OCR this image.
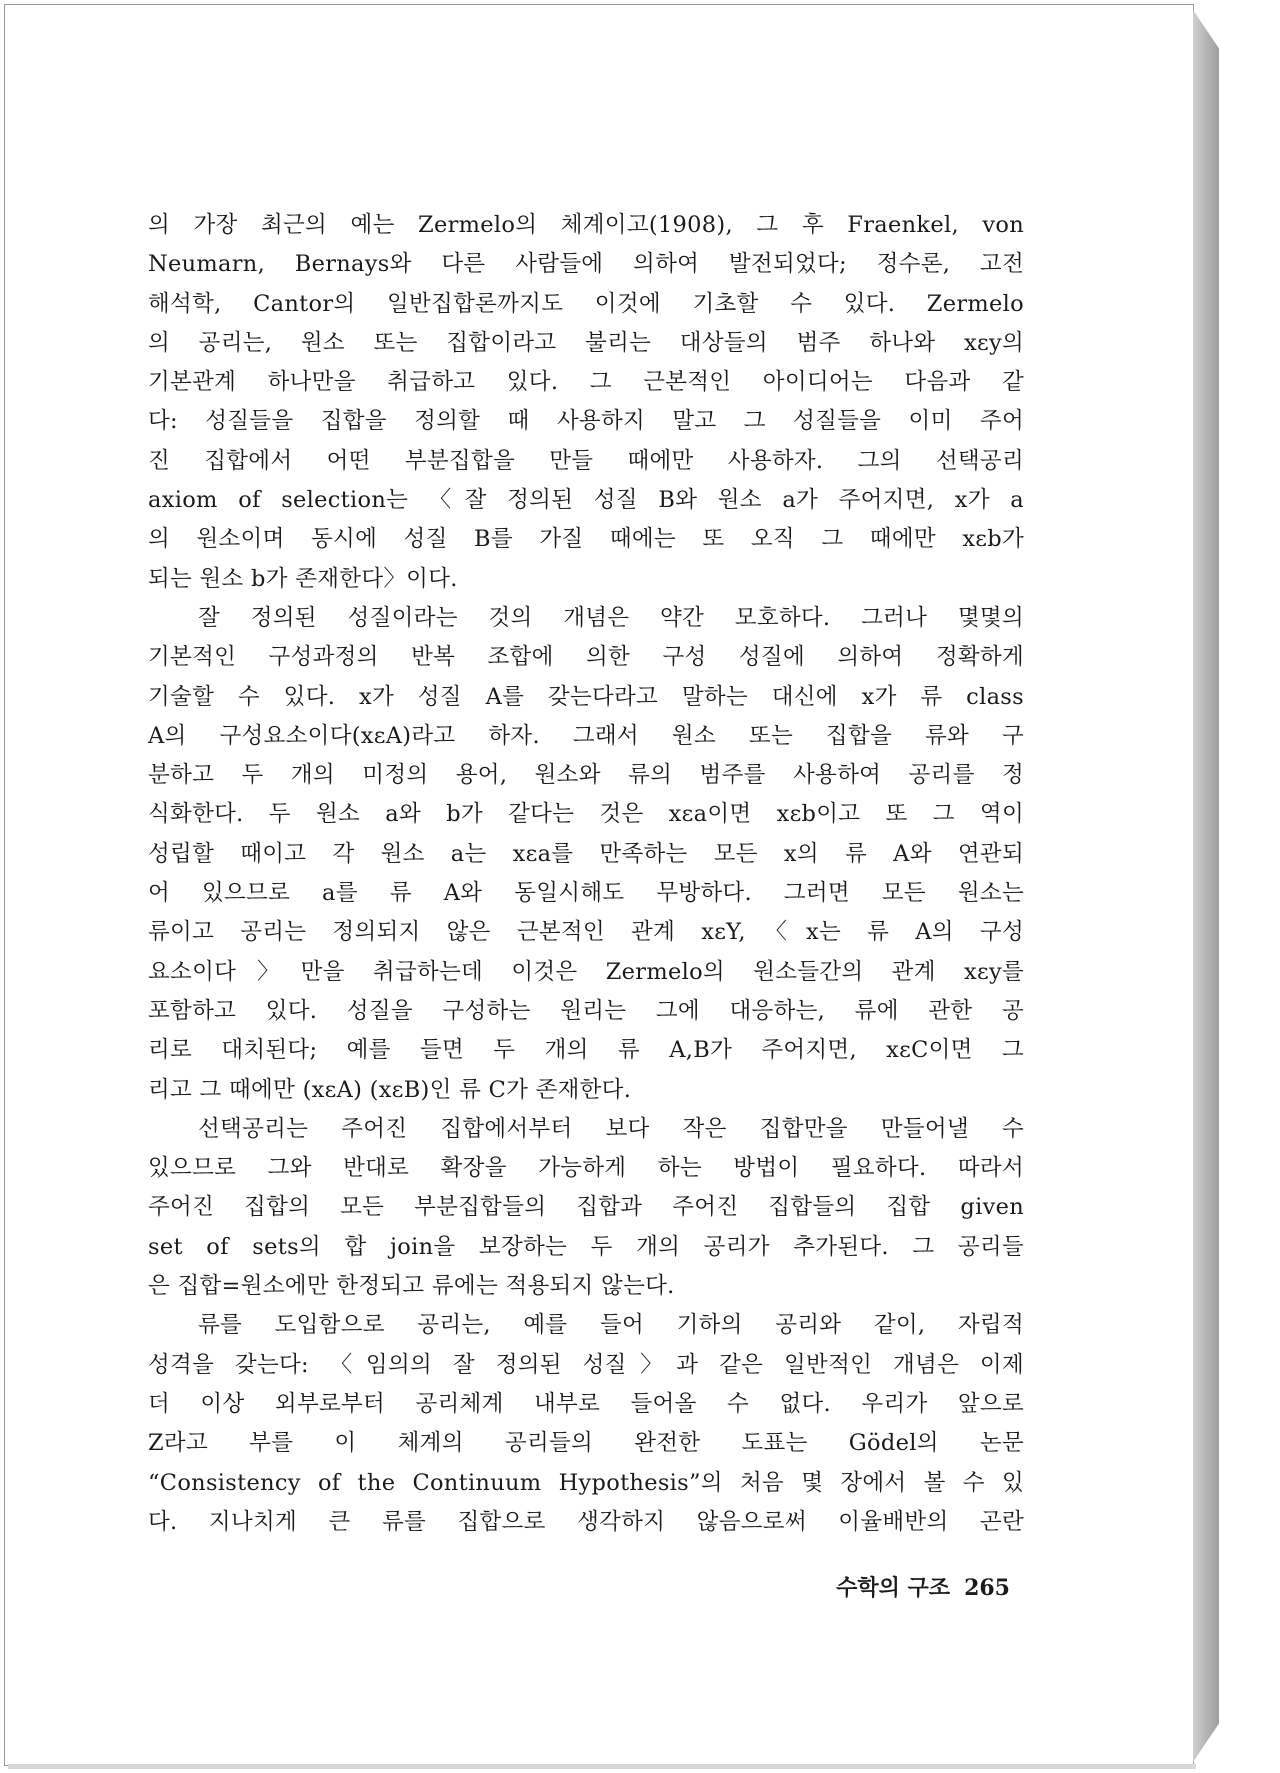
의 가장 최근의 예는 Zermelo의 체계이고(1908), 그 후 Fraenkel, von
Neumarn, Bernays와 다른 사람들에 의하여 발전되었다; 정수론, 고전
해석학, Cantor의 일반집합론까지도 이것에 기초할 수 있다. Zermelo
의 공리는, 원소 또는 집합이라고 불리는 대상들의 범주 하나와 xεy의
기본관계 하나만을 취급하고 있다. 그 근본적인 아이디어는 다음과 같
다: 성질들을 집합을 정의할 때 사용하지 말고 그 성질들을 이미 주어
진 집합에서 어떤 부분집합을 만들 때에만 사용하자. 그의 선택공리
axiom of selection는 〈잘 정의된 성질 B와 원소 a가 주어지면, x가 a
의 원소이며 동시에 성질 B를 가질 때에는 또 오직 그 때에만 xεb가
되는 원소 b가 존재한다〉이다.
잘 정의된 성질이라는 것의 개념은 약간 모호하다. 그러나 몇몇의
기본적인 구성과정의 반복 조합에 의한 구성 성질에 의하여 정확하게
기술할 수 있다. x가 성질 A를 갖는다라고 말하는 대신에 x가 류 class
A의 구성요소이다(xεA)라고 하자. 그래서 원소 또는 집합을 류와 구
분하고 두 개의 미정의 용어, 원소와 류의 범주를 사용하여 공리를 정
식화한다. 두 원소 a와 b가 같다는 것은 xεa이면 xεb이고 또 그 역이
성립할 때이고 각 원소 a는 xεa를 만족하는 모든 x의 류 A와 연관되
어 있으므로 a를 류 A와 동일시해도 무방하다. 그러면 모든 원소는
류이고 공리는 정의되지 않은 근본적인 관계 xεY,〈x는 류 A의 구성
요소이다〉만을 취급하는데 이것은 Zermelo의 원소들간의 관계 xεy를
포함하고 있다. 성질을 구성하는 원리는 그에 대응하는, 류에 관한 공
리로 대치된다; 예를 들면 두 개의 류 A,B가 주어지면, xεC이면 그
리고 그 때에만 (xεA) (xεB)인 류 C가 존재한다.
선택공리는 주어진 집합에서부터 보다 작은 집합만을 만들어낼 수
있으므로 그와 반대로 확장을 가능하게 하는 방법이 필요하다. 따라서
주어진 집합의 모든 부분집합들의 집합과 주어진 집합들의 집합 given
set of sets의 합 join을 보장하는 두 개의 공리가 추가된다. 그 공리들
은 집합=원소에만 한정되고 류에는 적용되지 않는다.
류를 도입함으로 공리는, 예를 들어 기하의 공리와 같이, 자립적
성격을 갖는다: 〈임의의 잘 정의된 성질〉과 같은 일반적인 개념은 이제
더 이상 외부로부터 공리체계 내부로 들어올 수 없다. 우리가 앞으로
Z라고 부를 이 체계의 공리들의 완전한 도표는 Gödel의 논문
“Consistency of the Continuum Hypothesis”의 처음 몇 장에서 볼 수 있
다. 지나치게 큰 류를 집합으로 생각하지 않음으로써 이율배반의 곤란
수학의 구조 265
